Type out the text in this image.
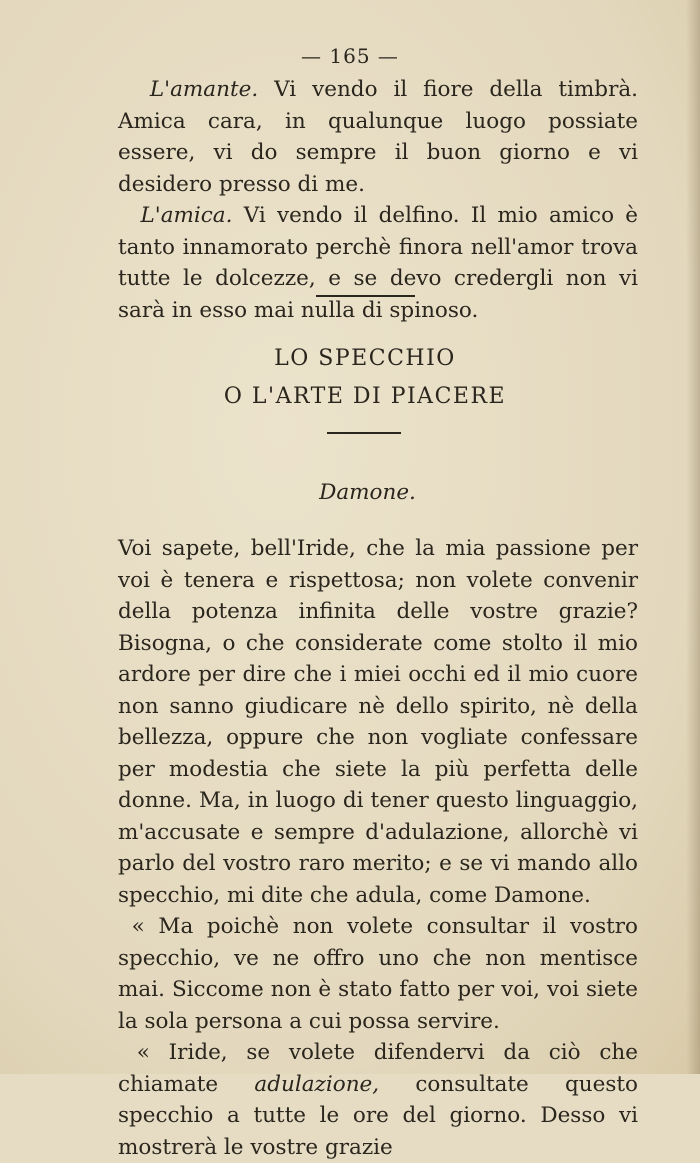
— 165 —

L'amante. Vi vendo il fiore della timbrà. Amica cara, in qualunque luogo possiate essere, vi do sempre il buon giorno e vi desidero presso di me.

L'amica. Vi vendo il delfino. Il mio amico è tanto innamorato perchè finora nell'amor trova tutte le dolcezze, e se devo credergli non vi sarà in esso mai nulla di spinoso.

LO SPECCHIO
O L'ARTE DI PIACERE
Damone.

Voi sapete, bell'Iride, che la mia passione per voi è tenera e rispettosa; non volete convenir della potenza infinita delle vostre grazie? Bisogna, o che considerate come stolto il mio ardore per dire che i miei occhi ed il mio cuore non sanno giudicare nè dello spirito, nè della bellezza, oppure che non vogliate confessare per modestia che siete la più perfetta delle donne. Ma, in luogo di tener questo linguaggio, m'accusate e sempre d'adulazione, allorchè vi parlo del vostro raro merito; e se vi mando allo specchio, mi dite che adula, come Damone.

« Ma poichè non volete consultar il vostro specchio, ve ne offro uno che non mentisce mai. Siccome non è stato fatto per voi, voi siete la sola persona a cui possa servire.

« Iride, se volete difendervi da ciò che chiamate adulazione, consultate questo specchio a tutte le ore del giorno. Desso vi mostrerà le vostre grazie
